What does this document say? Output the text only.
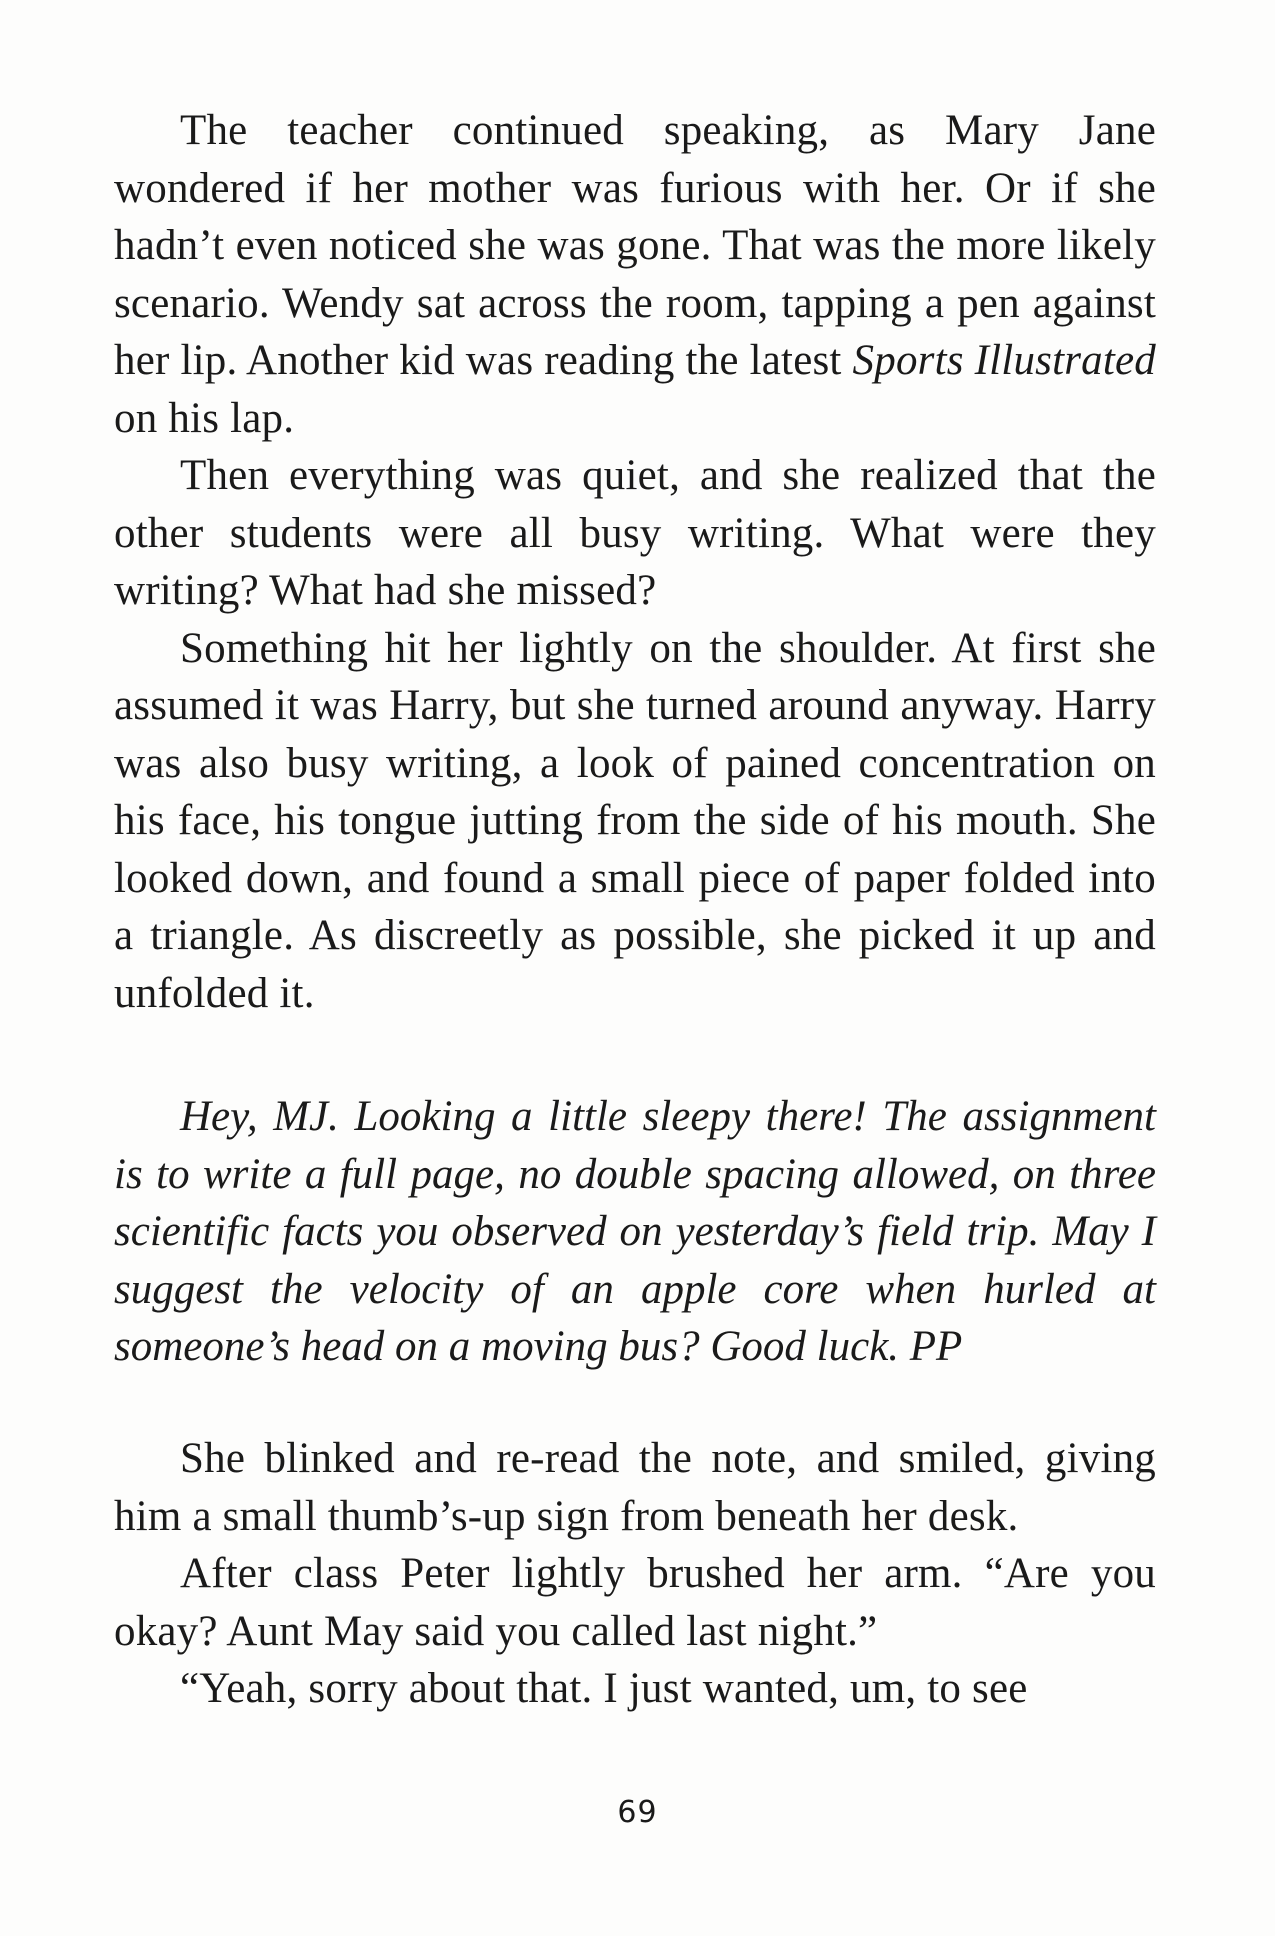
The teacher continued speaking, as Mary Jane wondered if her mother was furious with her. Or if she hadn’t even noticed she was gone. That was the more likely scenario. Wendy sat across the room, tapping a pen against her lip. Another kid was reading the latest Sports Illustrated on his lap.

Then everything was quiet, and she realized that the other students were all busy writing. What were they writing? What had she missed?

Something hit her lightly on the shoulder. At first she assumed it was Harry, but she turned around anyway. Harry was also busy writing, a look of pained concentration on his face, his tongue jutting from the side of his mouth. She looked down, and found a small piece of paper folded into a triangle. As discreetly as possible, she picked it up and unfolded it.

Hey, MJ. Looking a little sleepy there! The assignment is to write a full page, no double spacing allowed, on three scientific facts you observed on yesterday’s field trip. May I suggest the velocity of an apple core when hurled at someone’s head on a moving bus? Good luck. PP

She blinked and re-read the note, and smiled, giving him a small thumb’s-up sign from beneath her desk.

After class Peter lightly brushed her arm. “Are you okay? Aunt May said you called last night.”

“Yeah, sorry about that. I just wanted, um, to see

69
